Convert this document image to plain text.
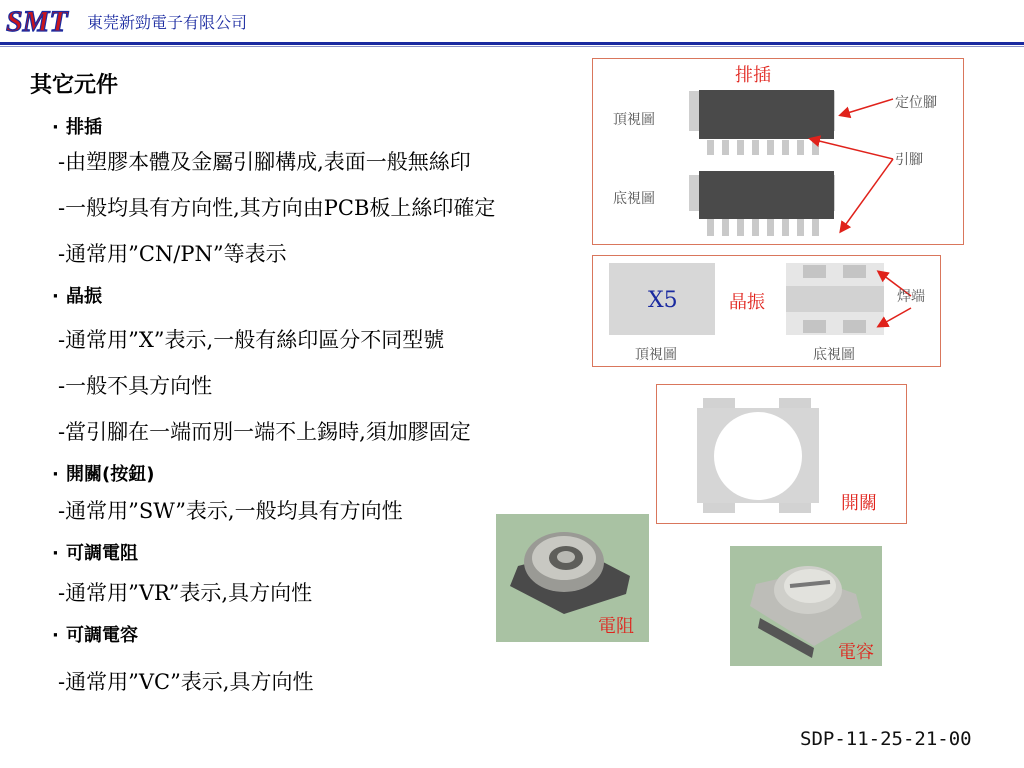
SMT 東莞新勁電子有限公司
其它元件
· 排插
-由塑膠本體及金屬引腳構成,表面一般無絲印
-一般均具有方向性,其方向由PCB板上絲印確定
-通常用”CN/PN”等表示
· 晶振
-通常用”X”表示,一般有絲印區分不同型號
-一般不具方向性
-當引腳在一端而別一端不上錫時,須加膠固定
· 開關(按鈕)
-通常用”SW”表示,一般均具有方向性
· 可調電阻
-通常用”VR”表示,具方向性
· 可調電容
-通常用”VC”表示,具方向性
排插
頂視圖
底視圖
定位腳
引腳
X5	晶振
頂視圖	底視圖
焊端
開關
電阻
電容
SDP-11-25-21-00
